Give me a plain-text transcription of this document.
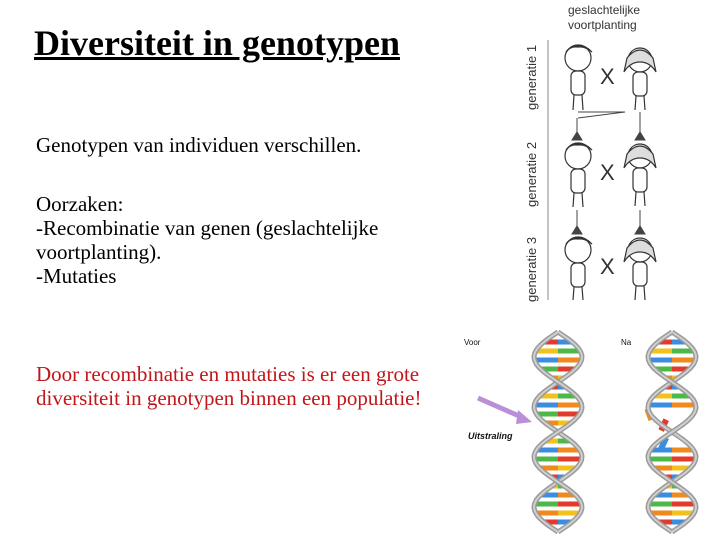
Diversiteit in genotypen
Genotypen van individuen verschillen.
Oorzaken:
-Recombinatie van genen (geslachtelijke
voortplanting).
-Mutaties
Door recombinatie en mutaties is er een grote
diversiteit in genotypen binnen een populatie!
geslachtelijke
voortplanting
generatie 1
generatie 2
generatie 3
X
X
X
Voor	Na
Uitstraling
